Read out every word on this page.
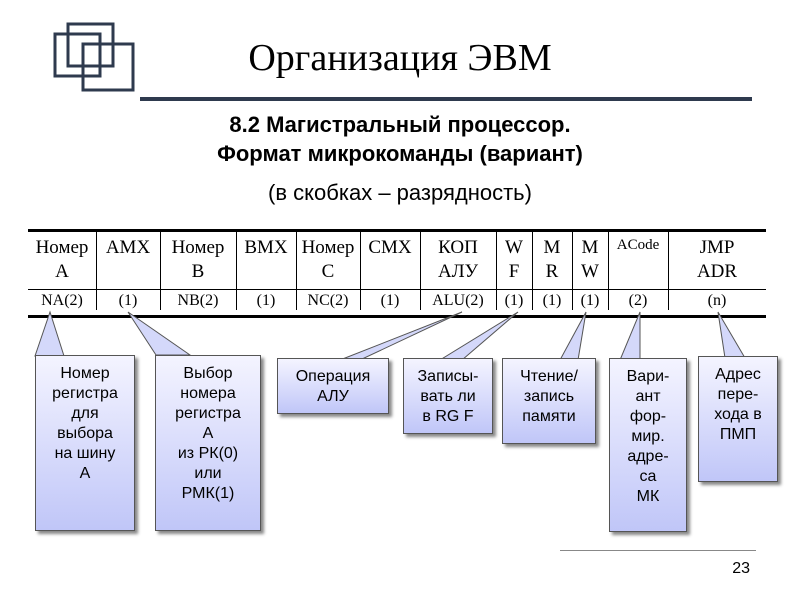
Организация ЭВМ
8.2 Магистральный процессор.
Формат микрокоманды (вариант)
(в скобках – разрядность)
Номер
А
NA(2)
AMX
(1)
Номер
В
NB(2)
BMX
(1)
Номер
С
NC(2)
CMX
(1)
КОП
АЛУ
ALU(2)
W
F
(1)
M
R
(1)
M
W
(1)
ACode
(2)
JMP
ADR
(n)
Номер
регистра
для
выбора
на шину
А
Выбор
номера
регистра
А
из РК(0)
или
РМК(1)
Операция
АЛУ
Записы-
вать ли
в RG F
Чтение/
запись
памяти
Вари-
ант
фор-
мир.
адре-
са
МК
Адрес
пере-
хода в
ПМП
23
